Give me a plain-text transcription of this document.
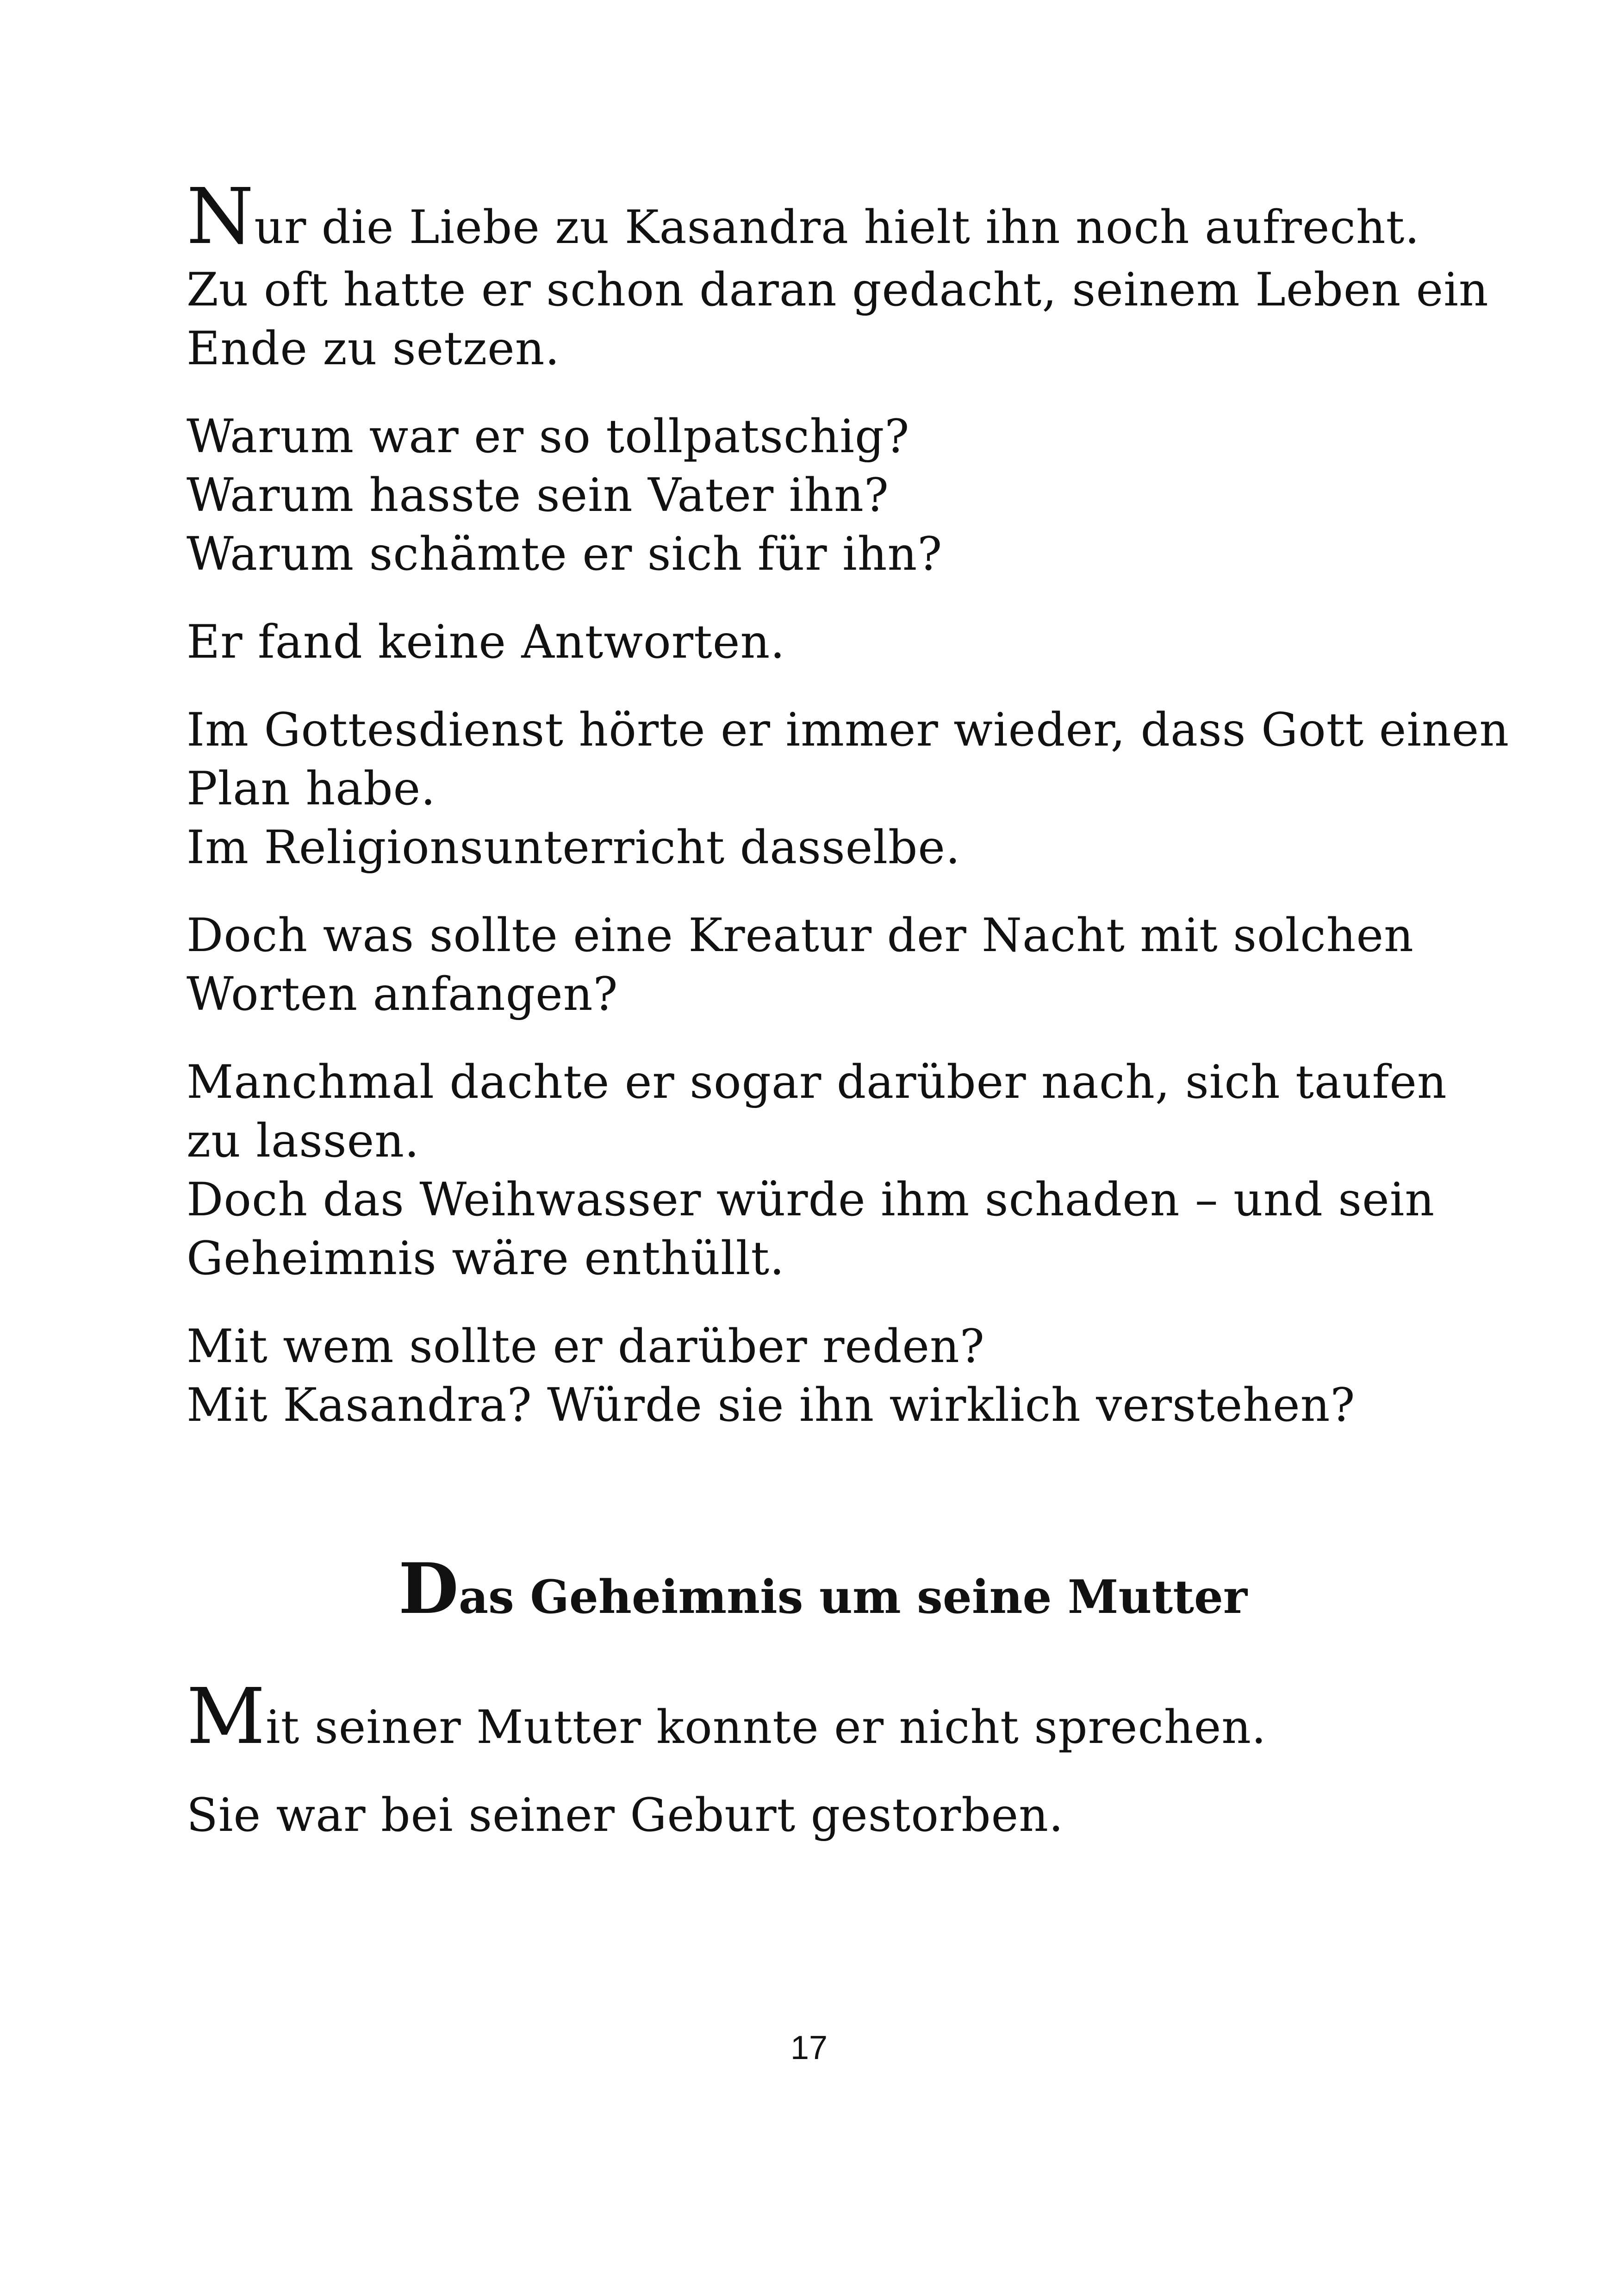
Nur die Liebe zu Kasandra hielt ihn noch aufrecht.

Zu oft hatte er schon daran gedacht, seinem Leben ein
Ende zu setzen.

Warum war er so tollpatschig?
Warum hasste sein Vater ihn?
Warum schämte er sich für ihn?

Er fand keine Antworten.

Im Gottesdienst hörte er immer wieder, dass Gott einen
Plan habe.
Im Religionsunterricht dasselbe.

Doch was sollte eine Kreatur der Nacht mit solchen
Worten anfangen?

Manchmal dachte er sogar darüber nach, sich taufen
zu lassen.
Doch das Weihwasser würde ihm schaden – und sein
Geheimnis wäre enthüllt.

Mit wem sollte er darüber reden?
Mit Kasandra? Würde sie ihn wirklich verstehen?

Das Geheimnis um seine Mutter

Mit seiner Mutter konnte er nicht sprechen.

Sie war bei seiner Geburt gestorben.

17
